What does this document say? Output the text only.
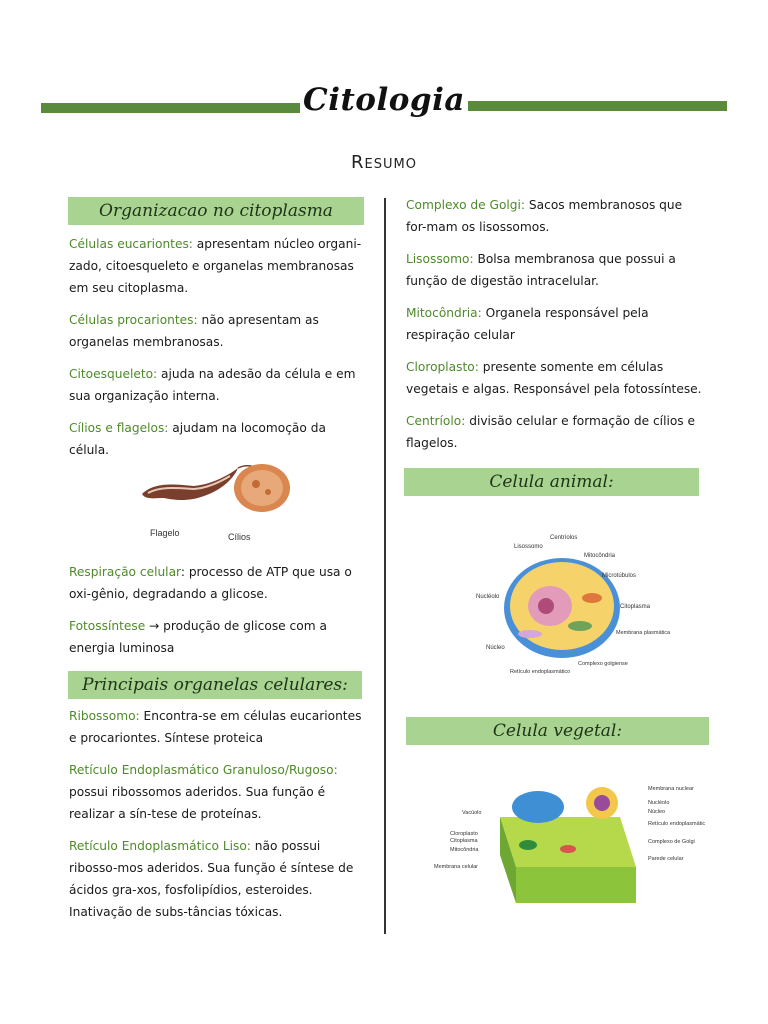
Citologia
Resumo
Organizacao no citoplasma
Células eucariontes: apresentam núcleo organi-zado, citoesqueleto e organelas membranosas em seu citoplasma.
Células procariontes: não apresentam as organelas membranosas.
Citoesqueleto: ajuda na adesão da célula e em sua organização interna.
Cílios e flagelos: ajudam na locomoção da célula.
Flagelo	Cílios
Respiração celular: processo de ATP que usa o oxi-gênio, degradando a glicose.
Fotossíntese → produção de glicose com a energia luminosa
Principais organelas celulares:
Ribossomo: Encontra-se em células eucariontes e procariontes. Síntese proteica
Retículo Endoplasmático Granuloso/Rugoso: possui ribossomos aderidos. Sua função é realizar a sín-tese de proteínas.
Retículo Endoplasmático Liso: não possui ribosso-mos aderidos. Sua função é síntese de ácidos gra-xos, fosfolipídios, esteroides. Inativação de subs-tâncias tóxicas.
Complexo de Golgi: Sacos membranosos que for-mam os lisossomos.
Lisossomo: Bolsa membranosa que possui a função de digestão intracelular.
Mitocôndria: Organela responsável pela respiração celular
Cloroplasto: presente somente em células vegetais e algas. Responsável pela fotossíntese.
Centríolo: divisão celular e formação de cílios e flagelos.
Celula animal:
Centríolos
Lisossomo
Mitocôndria
Microtúbulos
Nucléolo
Citoplasma
Membrana plasmática
Núcleo
Complexo golgiense
Retículo endoplasmático
Celula vegetal:
Membrana nuclear
Nucléolo
Núcleo
Retículo endoplasmátic
Vacúolo
Complexo de Golgi
Cloroplasto
Citoplasma
Mitocôndria
Parede celular
Membrana celular
